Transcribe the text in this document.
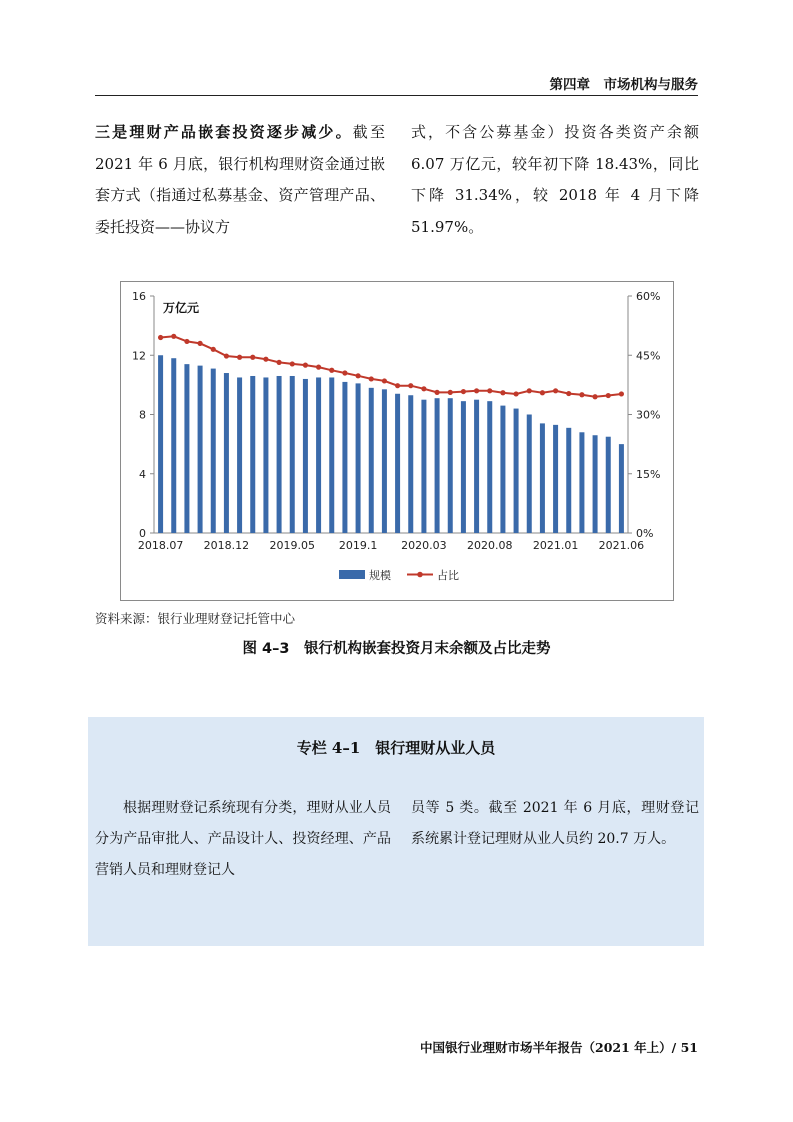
第四章　市场机构与服务
三是理财产品嵌套投资逐步减少。截至 2021 年 6 月底，银行机构理财资金通过嵌套方式（指通过私募基金、资产管理产品、委托投资——协议方
式，不含公募基金）投资各类资产余额 6.07 万亿元，较年初下降 18.43%，同比下降 31.34%，较 2018 年 4 月下降 51.97%。
0
4
8
12
16
0%
15%
30%
45%
60%
2018.07 2018.12 2019.05 2019.1 2020.03 2020.08 2021.01 2021.06
万亿元
规模	占比
资料来源：银行业理财登记托管中心
图 4–3　银行机构嵌套投资月末余额及占比走势
专栏 4–1　银行理财从业人员
根据理财登记系统现有分类，理财从业人员分为产品审批人、产品设计人、投资经理、产品营销人员和理财登记人
员等 5 类。截至 2021 年 6 月底，理财登记系统累计登记理财从业人员约 20.7 万人。
中国银行业理财市场半年报告（2021 年上）/ 51
